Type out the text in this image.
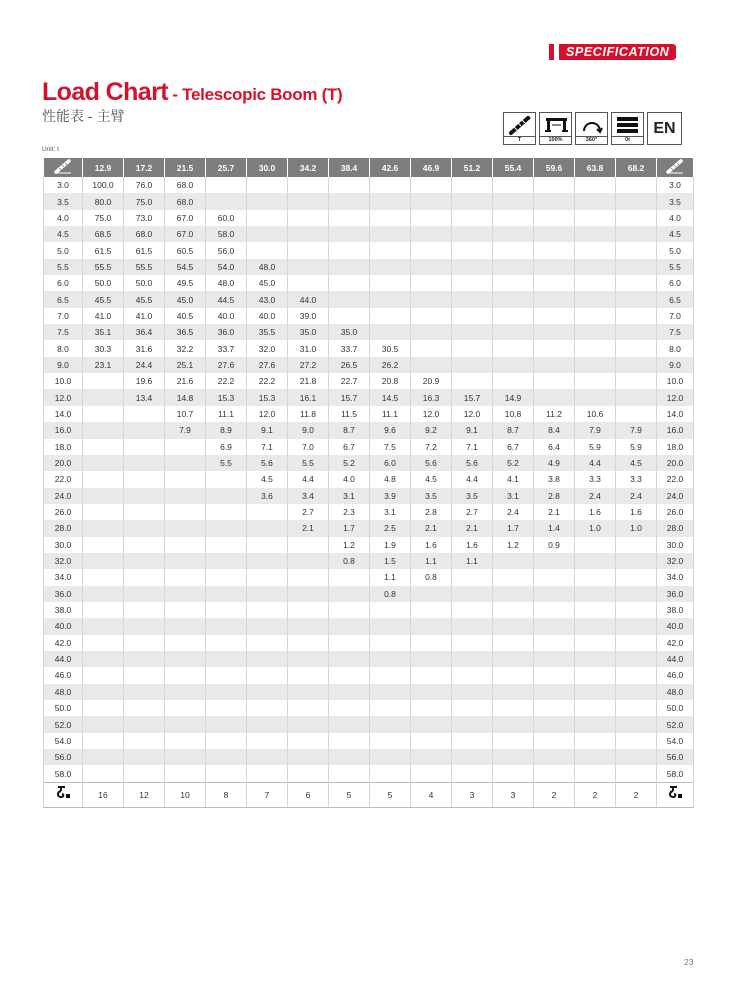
SPECIFICATION
Load Chart - Telescopic Boom (T)
性能表 - 主臂
Unit: t
T	100%	360°	0t
EN
	12.9	17.2	21.5	25.7	30.0	34.2	38.4	42.6	46.9	51.2	55.4	59.6	63.8	68.2	
3.0	100.0	76.0	68.0												3.0
3.5	80.0	75.0	68.0												3.5
4.0	75.0	73.0	67.0	60.0											4.0
4.5	68.5	68.0	67.0	58.0											4.5
5.0	61.5	61.5	60.5	56.0											5.0
5.5	55.5	55.5	54.5	54.0	48.0										5.5
6.0	50.0	50.0	49.5	48.0	45.0										6.0
6.5	45.5	45.5	45.0	44.5	43.0	44.0									6.5
7.0	41.0	41.0	40.5	40.0	40.0	39.0									7.0
7.5	35.1	36.4	36.5	36.0	35.5	35.0	35.0								7.5
8.0	30.3	31.6	32.2	33.7	32.0	31.0	33.7	30.5							8.0
9.0	23.1	24.4	25.1	27.6	27.6	27.2	26.5	26.2							9.0
10.0		19.6	21.6	22.2	22.2	21.8	22.7	20.8	20.9						10.0
12.0		13.4	14.8	15.3	15.3	16.1	15.7	14.5	16.3	15.7	14.9				12.0
14.0			10.7	11.1	12.0	11.8	11.5	11.1	12.0	12.0	10.8	11.2	10.6		14.0
16.0			7.9	8.9	9.1	9.0	8.7	9.6	9.2	9.1	8.7	8.4	7.9	7.9	16.0
18.0				6.9	7.1	7.0	6.7	7.5	7.2	7.1	6.7	6.4	5.9	5.9	18.0
20.0				5.5	5.6	5.5	5.2	6.0	5.6	5.6	5.2	4.9	4.4	4.5	20.0
22.0					4.5	4.4	4.0	4.8	4.5	4.4	4.1	3.8	3.3	3.3	22.0
24.0					3.6	3.4	3.1	3.9	3.5	3.5	3.1	2.8	2.4	2.4	24.0
26.0						2.7	2.3	3.1	2.8	2.7	2.4	2.1	1.6	1.6	26.0
28.0						2.1	1.7	2.5	2.1	2.1	1.7	1.4	1.0	1.0	28.0
30.0							1.2	1.9	1.6	1.6	1.2	0.9			30.0
32.0							0.8	1.5	1.1	1.1					32.0
34.0								1.1	0.8						34.0
36.0								0.8							36.0
38.0															38.0
40.0															40.0
42.0															42.0
44.0															44.0
46.0															46.0
48.0															48.0
50.0															50.0
52.0															52.0
54.0															54.0
56.0															56.0
58.0															58.0
	16	12	10	8	7	6	5	5	4	3	3	2	2	2	
23
